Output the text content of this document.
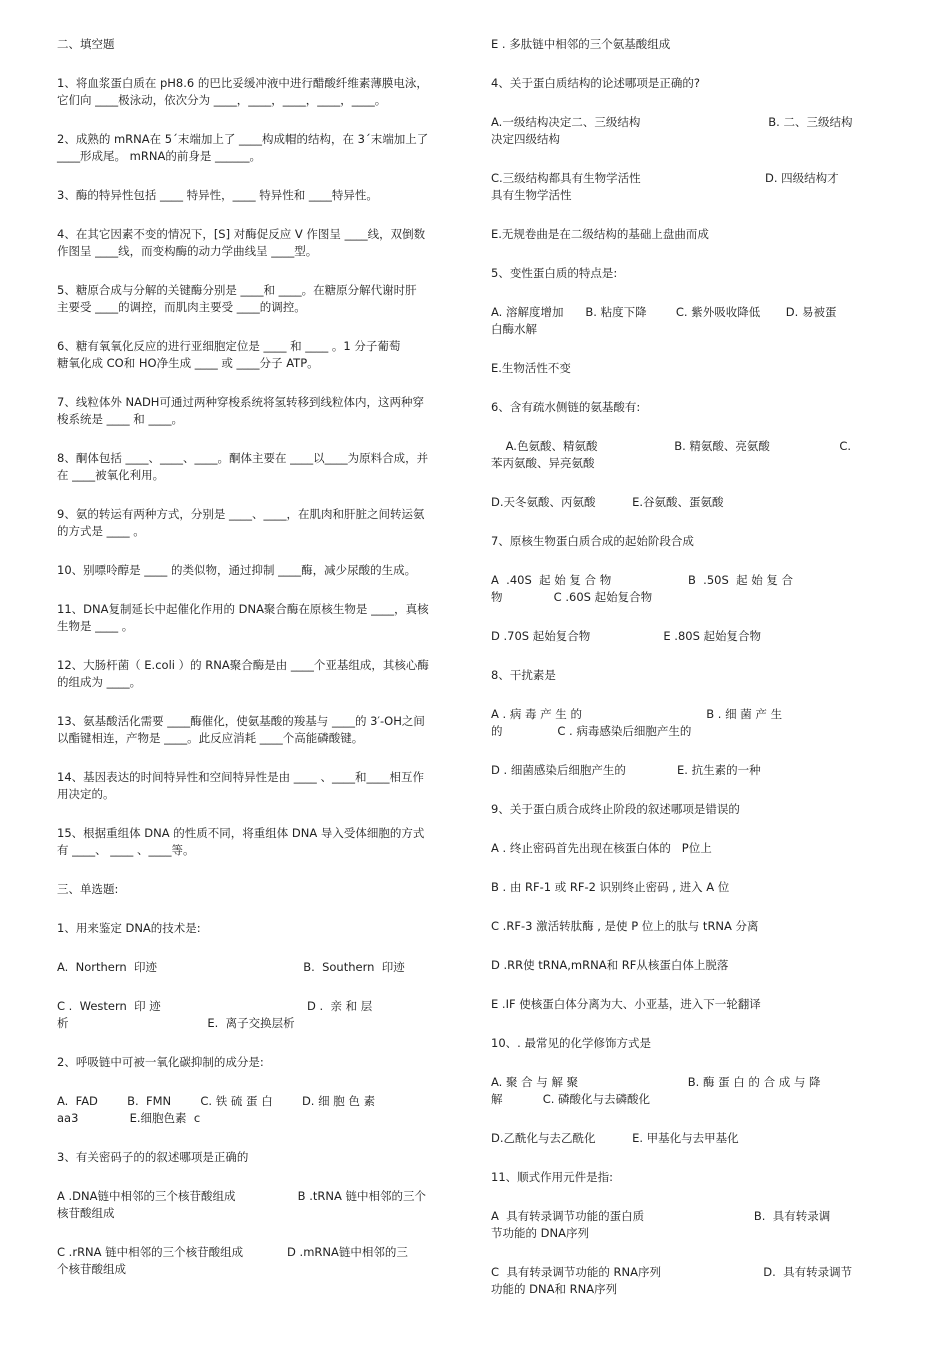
二、填空题

1、将血浆蛋白质在 pH8.6 的巴比妥缓冲液中进行醋酸纤维素薄膜电泳，
它们向 ____极泳动，依次分为 ____，____，____，____，____。

2、成熟的 mRNA在 5ˊ末端加上了 ____构成帽的结构，在 3ˊ末端加上了
____形成尾。 mRNA的前身是 ______。

3、酶的特异性包括 ____ 特异性，____ 特异性和 ____特异性。

4、在其它因素不变的情况下，[S] 对酶促反应 V 作图呈 ____线，双倒数
作图呈 ____线，而变构酶的动力学曲线呈 ____型。

5、糖原合成与分解的关键酶分别是 ____和 ____。在糖原分解代谢时肝
主要受 ____的调控，而肌肉主要受 ____的调控。

6、糖有氧氧化反应的进行亚细胞定位是 ____ 和 ____ 。1 分子葡萄
糖氧化成 CO和 HO净生成 ____ 或 ____分子 ATP。

7、线粒体外 NADH可通过两种穿梭系统将氢转移到线粒体内，这两种穿
梭系统是 ____ 和 ____。

8、酮体包括 ____、____、____。酮体主要在 ____以____为原料合成，并
在 ____被氧化利用。

9、氨的转运有两种方式，分别是 ____、____，在肌肉和肝脏之间转运氨
的方式是 ____ 。

10、别嘌呤醇是 ____ 的类似物，通过抑制 ____酶，减少尿酸的生成。

11、DNA复制延长中起催化作用的 DNA聚合酶在原核生物是 ____，真核
生物是 ____ 。

12、大肠杆菌（ E.coli ）的 RNA聚合酶是由 ____个亚基组成，其核心酶
的组成为 ____。

13、氨基酸活化需要 ____酶催化，使氨基酸的羧基与 ____的 3′-OH之间
以酯键相连，产物是 ____。此反应消耗 ____个高能磷酸键。

14、基因表达的时间特异性和空间特异性是由 ____ 、____和____相互作
用决定的。

15、根据重组体 DNA 的性质不同，将重组体 DNA 导入受体细胞的方式
有 ____、 ____ 、____等。

三、单选题:

1、用来鉴定 DNA的技术是:

A.  Northern  印迹                                        B.  Southern  印迹

C .  Western  印 迹                                        D .  亲 和 层
析                                      E.  离子交换层析

2、呼吸链中可被一氧化碳抑制的成分是:

A.  FAD        B.  FMN        C. 铁 硫 蛋 白        D. 细 胞 色 素
aa3              E.细胞色素  c

3、有关密码子的的叙述哪项是正确的

A .DNA链中相邻的三个核苷酸组成                 B .tRNA 链中相邻的三个
核苷酸组成

C .rRNA 链中相邻的三个核苷酸组成            D .mRNA链中相邻的三
个核苷酸组成

E . 多肽链中相邻的三个氨基酸组成

4、关于蛋白质结构的论述哪项是正确的?

A.一级结构决定二、三级结构                                   B. 二、三级结构
决定四级结构

C.三级结构都具有生物学活性                                  D. 四级结构才
具有生物学活性

E.无规卷曲是在二级结构的基础上盘曲而成

5、变性蛋白质的特点是:

A. 溶解度增加      B. 粘度下降        C. 紫外吸收降低       D. 易被蛋
白酶水解

E.生物活性不变

6、含有疏水侧链的氨基酸有:

A.色氨酸、精氨酸                     B. 精氨酸、亮氨酸                   C.
苯丙氨酸、异亮氨酸

D.天冬氨酸、丙氨酸          E.谷氨酸、蛋氨酸

7、原核生物蛋白质合成的起始阶段合成

A  .40S  起 始 复 合 物                     B  .50S  起 始 复 合
物              C .60S 起始复合物

D .70S 起始复合物                    E .80S 起始复合物

8、干扰素是

A . 病 毒 产 生 的                                  B . 细 菌 产 生
的               C . 病毒感染后细胞产生的

D . 细菌感染后细胞产生的              E. 抗生素的一种

9、关于蛋白质合成终止阶段的叙述哪项是错误的

A . 终止密码首先出现在核蛋白体的   P位上

B . 由 RF-1 或 RF-2 识别终止密码 , 进入 A 位

C .RF-3 激活转肽酶 , 是使 P 位上的肽与 tRNA 分离

D .RR使 tRNA,mRNA和 RF从核蛋白体上脱落

E .IF 使核蛋白体分离为大、小亚基，进入下一轮翻译

10、. 最常见的化学修饰方式是

A. 聚 合 与 解 聚                              B. 酶 蛋 白 的 合 成 与 降
解           C. 磷酸化与去磷酸化

D.乙酰化与去乙酰化          E. 甲基化与去甲基化

11、顺式作用元件是指:

A  具有转录调节功能的蛋白质                              B.  具有转录调
节功能的 DNA序列

C  具有转录调节功能的 RNA序列                            D.  具有转录调节
功能的 DNA和 RNA序列
